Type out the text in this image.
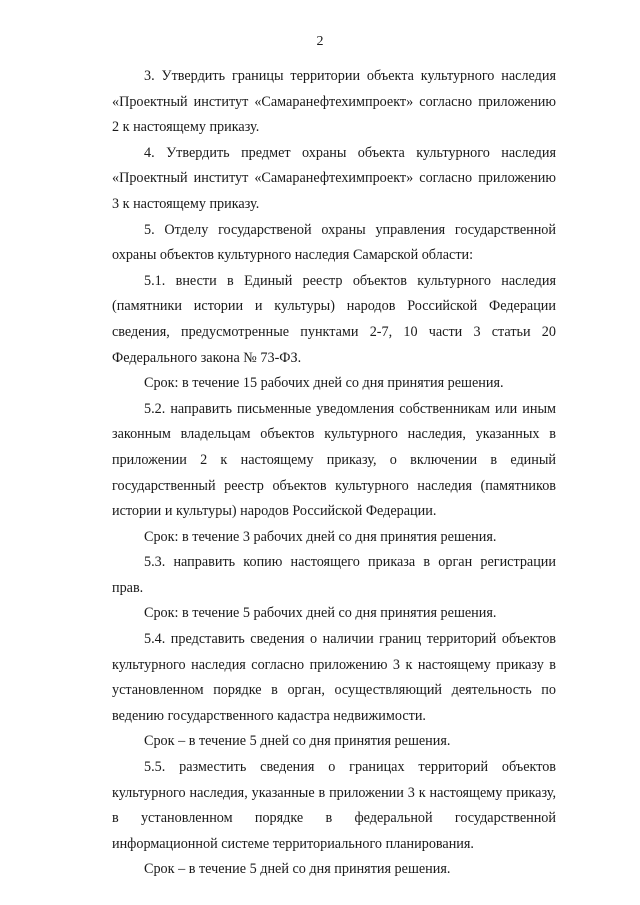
2

3. Утвердить границы территории объекта культурного наследия «Проектный институт «Самаранефтехимпроект» согласно приложению 2 к настоящему приказу.

4. Утвердить предмет охраны объекта культурного наследия «Проектный институт «Самаранефтехимпроект» согласно приложению 3 к настоящему приказу.

5. Отделу государственой охраны управления государственной охраны объектов культурного наследия Самарской области:

5.1. внести в Единый реестр объектов культурного наследия (памятники истории и культуры) народов Российской Федерации сведения, предусмотренные пунктами 2-7, 10 части 3 статьи 20 Федерального закона № 73-ФЗ.

Срок: в течение 15 рабочих дней со дня принятия решения.

5.2. направить письменные уведомления собственникам или иным законным владельцам объектов культурного наследия, указанных в приложении 2 к настоящему приказу, о включении в единый государственный реестр объектов культурного наследия (памятников истории и культуры) народов Российской Федерации.

Срок: в течение 3 рабочих дней со дня принятия решения.

5.3. направить копию настоящего приказа в орган регистрации прав.

Срок: в течение 5 рабочих дней со дня принятия решения.

5.4. представить сведения о наличии границ территорий объектов культурного наследия согласно приложению 3 к настоящему приказу в установленном порядке в орган, осуществляющий деятельность по ведению государственного кадастра недвижимости.

Срок – в течение 5 дней со дня принятия решения.

5.5. разместить сведения о границах территорий объектов культурного наследия, указанные в приложении 3 к настоящему приказу, в установленном порядке в федеральной государственной информационной системе территориального планирования.

Срок – в течение 5 дней со дня принятия решения.
